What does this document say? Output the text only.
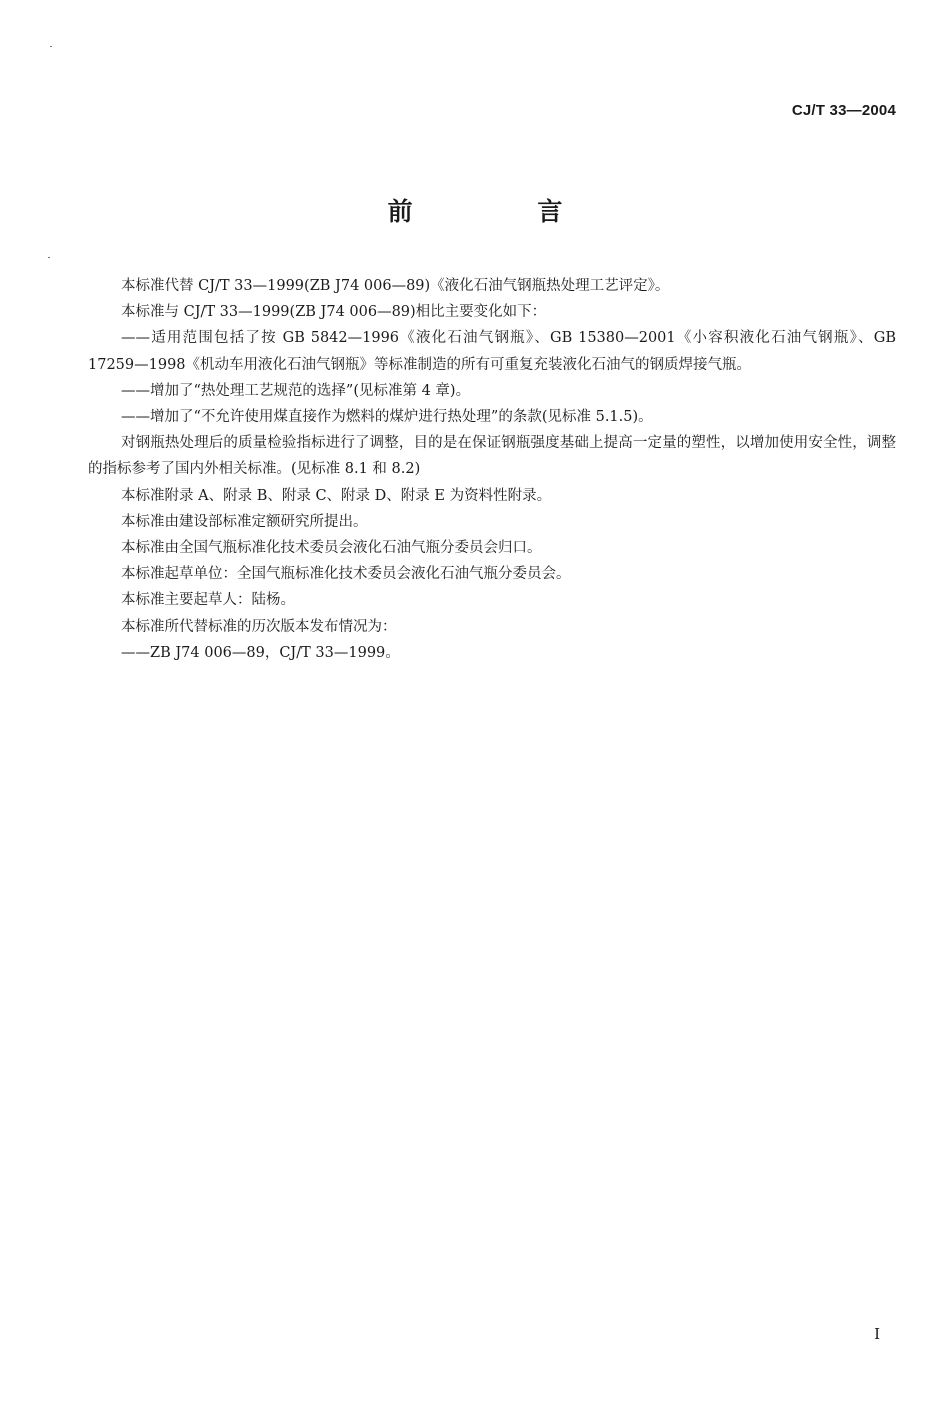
CJ/T 33—2004
前 言

本标准代替 CJ/T 33—1999(ZB J74 006—89)《液化石油气钢瓶热处理工艺评定》。

本标准与 CJ/T 33—1999(ZB J74 006—89)相比主要变化如下：

——适用范围包括了按 GB 5842—1996《液化石油气钢瓶》、GB 15380—2001《小容积液化石油气钢瓶》、GB 17259—1998《机动车用液化石油气钢瓶》等标准制造的所有可重复充装液化石油气的钢质焊接气瓶。

——增加了“热处理工艺规范的选择”(见标准第 4 章)。

——增加了“不允许使用煤直接作为燃料的煤炉进行热处理”的条款(见标准 5.1.5)。

对钢瓶热处理后的质量检验指标进行了调整，目的是在保证钢瓶强度基础上提高一定量的塑性，以增加使用安全性，调整的指标参考了国内外相关标准。(见标准 8.1 和 8.2)

本标准附录 A、附录 B、附录 C、附录 D、附录 E 为资料性附录。

本标准由建设部标准定额研究所提出。

本标准由全国气瓶标准化技术委员会液化石油气瓶分委员会归口。

本标准起草单位：全国气瓶标准化技术委员会液化石油气瓶分委员会。

本标准主要起草人：陆杨。

本标准所代替标准的历次版本发布情况为：

——ZB J74 006—89，CJ/T 33—1999。

I
